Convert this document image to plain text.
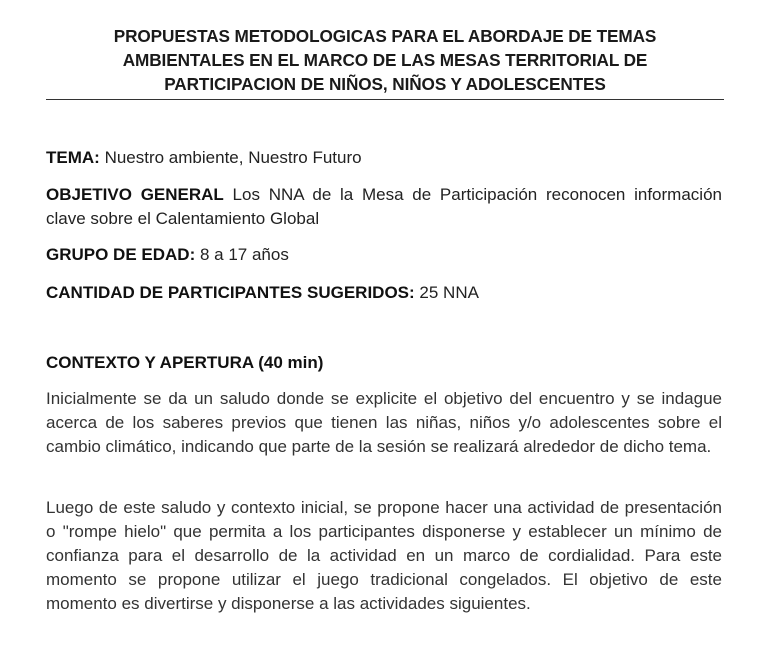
PROPUESTAS METODOLOGICAS PARA EL ABORDAJE DE TEMAS
AMBIENTALES EN EL MARCO DE LAS MESAS TERRITORIAL DE
PARTICIPACION DE NIÑOS, NIÑOS Y ADOLESCENTES
TEMA: Nuestro ambiente, Nuestro Futuro
OBJETIVO GENERAL Los NNA de la Mesa de Participación reconocen información clave sobre el Calentamiento Global
GRUPO DE EDAD: 8 a 17 años
CANTIDAD DE PARTICIPANTES SUGERIDOS: 25 NNA
CONTEXTO Y APERTURA (40 min)
Inicialmente se da un saludo donde se explicite el objetivo del encuentro y se indague acerca de los saberes previos que tienen las niñas, niños y/o adolescentes sobre el cambio climático, indicando que parte de la sesión se realizará alrededor de dicho tema.
Luego de este saludo y contexto inicial, se propone hacer una actividad de presentación o "rompe hielo" que permita a los participantes disponerse y establecer un mínimo de confianza para el desarrollo de la actividad en un marco de cordialidad. Para este momento se propone utilizar el juego tradicional congelados. El objetivo de este momento es divertirse y disponerse a las actividades siguientes.
